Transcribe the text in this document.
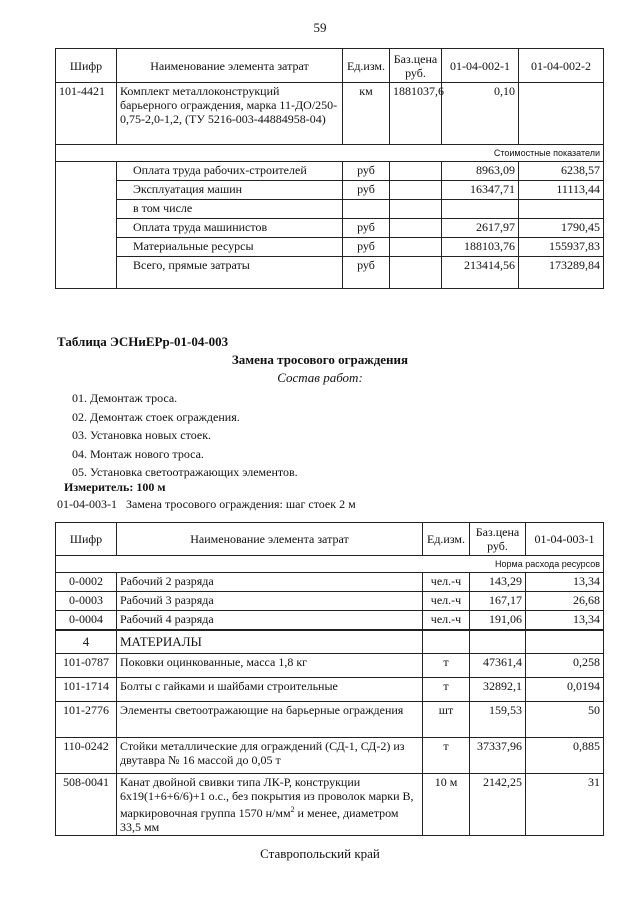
59
Шифр	Наименование элемента затрат	Ед.изм.	Баз.цена руб.	01-04-002-1	01-04-002-2
101-4421	Комплект металлоконструкций барьерного ограждения, марка 11-ДО/250-0,75-2,0-1,2, (ТУ 5216-003-44884958-04)	км	1881037,6	0,10	
Стоимостные показатели					
	Оплата труда рабочих-строителей	руб		8963,09	6238,57
	Эксплуатация машин	руб		16347,71	11113,44
	в том числе				
	Оплата труда машинистов	руб		2617,97	1790,45
	Материальные ресурсы	руб		188103,76	155937,83
	Всего, прямые затраты	руб		213414,56	173289,84
Таблица ЭСНиЕРр-01-04-003
Замена тросового ограждения
Состав работ:
01. Демонтаж троса.
02. Демонтаж стоек ограждения.
03. Установка новых стоек.
04. Монтаж нового троса.
05. Установка светоотражающих элементов.
Измеритель: 100 м
01-04-003-1   Замена тросового ограждения: шаг стоек 2 м
Шифр	Наименование элемента затрат	Ед.изм.	Баз.цена руб.	01-04-003-1
Норма расхода ресурсов				
0-0002	Рабочий 2 разряда	чел.-ч	143,29	13,34
0-0003	Рабочий 3 разряда	чел.-ч	167,17	26,68
0-0004	Рабочий 4 разряда	чел.-ч	191,06	13,34
4	МАТЕРИАЛЫ			
101-0787	Поковки оцинкованные, масса 1,8 кг	т	47361,4	0,258
101-1714	Болты с гайками и шайбами строительные	т	32892,1	0,0194
101-2776	Элементы светоотражающие на барьерные ограждения	шт	159,53	50
110-0242	Стойки металлические для ограждений (СД-1, СД-2) из двутавра № 16 массой до 0,05 т	т	37337,96	0,885
508-0041	Канат двойной свивки типа ЛК-Р, конструкции 6х19(1+6+6/6)+1 о.с., без покрытия из проволок марки В, маркировочная группа 1570 $н/мм^2$ и менее, диаметром 33,5 мм	10 м	2142,25	31
Ставропольский край
